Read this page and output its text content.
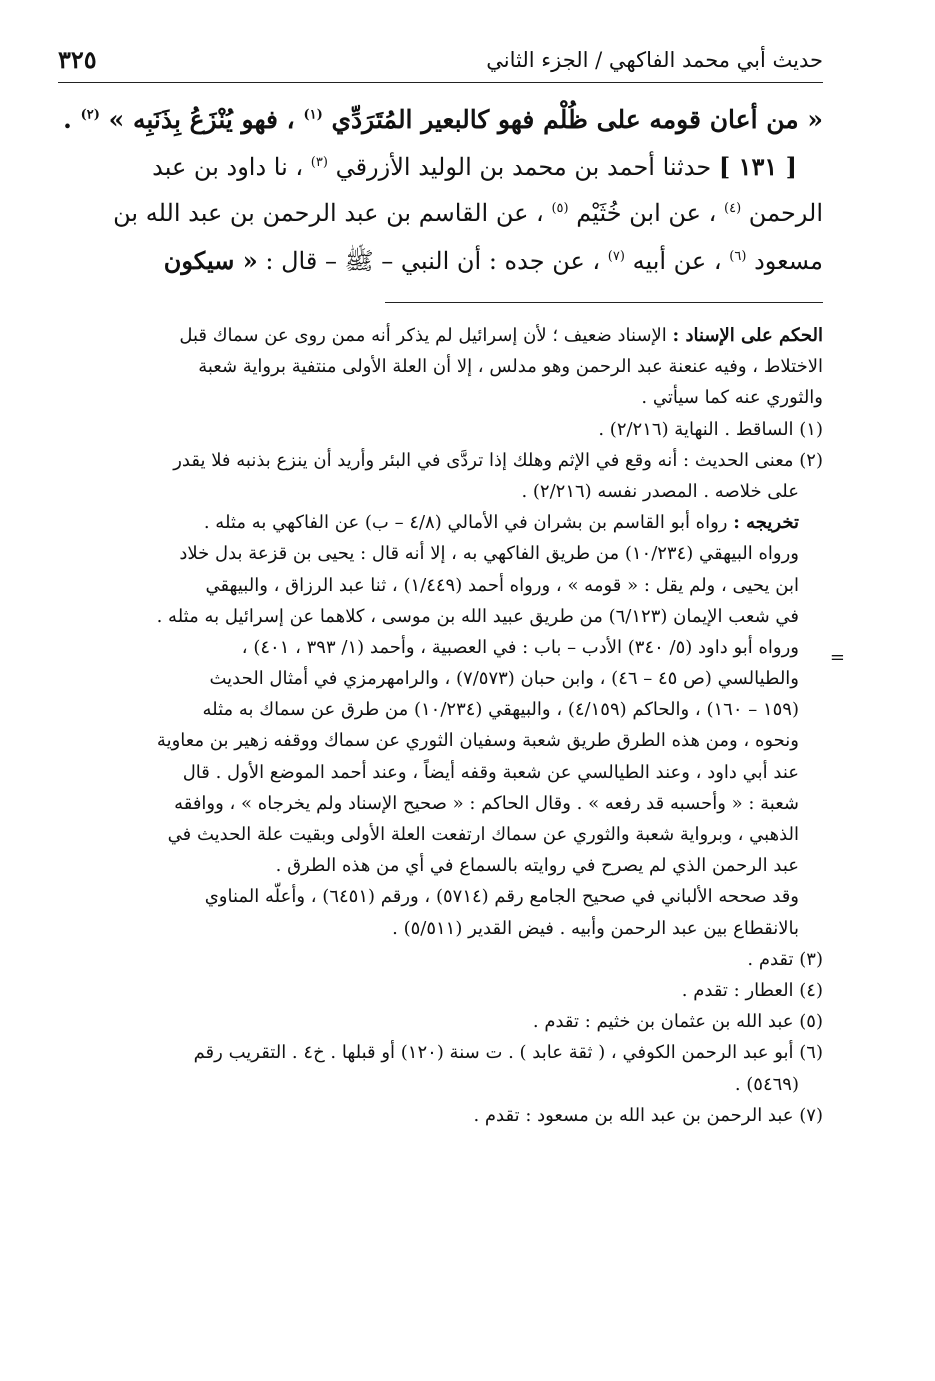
حديث أبي محمد الفاكهي / الجزء الثاني
٣٢٥
« من أعان قومه على ظُلْم فهو كالبعير المُتَرَدِّي $^{(١)}$ ، فهو يُنْزَعُ بِذَنَبِه » $^{(٢)}$ .
[ ١٣١ ] حدثنا أحمد بن محمد بن الوليد الأزرقي $^{(٣)}$ ، نا داود بن عبد
الرحمن $^{(٤)}$ ، عن ابن خُثَيْم $^{(٥)}$ ، عن القاسم بن عبد الرحمن بن عبد الله بن
مسعود $^{(٦)}$ ، عن أبيه $^{(٧)}$ ، عن جده : أن النبي – ﷺ – قال : « سيكون
=
الحكم على الإسناد : الإسناد ضعيف ؛ لأن إسرائيل لم يذكر أنه ممن روى عن سماك قبل
الاختلاط ، وفيه عنعنة عبد الرحمن وهو مدلس ، إلا أن العلة الأولى منتفية برواية شعبة
والثوري عنه كما سيأتي .
(١) الساقط . النهاية (٢/٢١٦) .
(٢) معنى الحديث : أنه وقع في الإثم وهلك إذا تردَّى في البئر وأريد أن ينزع بذنبه فلا يقدر
على خلاصه . المصدر نفسه (٢/٢١٦) .
تخريجه : رواه أبو القاسم بن بشران في الأمالي (٤/٨ – ب) عن الفاكهي به مثله .
ورواه البيهقي (١٠/٢٣٤) من طريق الفاكهي به ، إلا أنه قال : يحيى بن قزعة بدل خلاد
ابن يحيى ، ولم يقل : « قومه » ، ورواه أحمد (١/٤٤٩) ، ثنا عبد الرزاق ، والبيهقي
في شعب الإيمان (٦/١٢٣) من طريق عبيد الله بن موسى ، كلاهما عن إسرائيل به مثله .
ورواه أبو داود (٥/ ٣٤٠) الأدب – باب : في العصبية ، وأحمد (١/ ٣٩٣ ، ٤٠١) ،
والطيالسي (ص ٤٥ – ٤٦) ، وابن حبان (٧/٥٧٣) ، والرامهرمزي في أمثال الحديث
(١٥٩ – ١٦٠) ، والحاكم (٤/١٥٩) ، والبيهقي (١٠/٢٣٤) من طرق عن سماك به مثله
ونحوه ، ومن هذه الطرق طريق شعبة وسفيان الثوري عن سماك ووقفه زهير بن معاوية
عند أبي داود ، وعند الطيالسي عن شعبة وقفه أيضاً ، وعند أحمد الموضع الأول . قال
شعبة : « وأحسبه قد رفعه » . وقال الحاكم : « صحيح الإسناد ولم يخرجاه » ، ووافقه
الذهبي ، وبرواية شعبة والثوري عن سماك ارتفعت العلة الأولى وبقيت علة الحديث في
عبد الرحمن الذي لم يصرح في روايته بالسماع في أي من هذه الطرق .
وقد صححه الألباني في صحيح الجامع رقم (٥٧١٤) ، ورقم (٦٤٥١) ، وأعلّه المناوي
بالانقطاع بين عبد الرحمن وأبيه . فيض القدير (٥/٥١١) .
(٣) تقدم .
(٤) العطار : تقدم .
(٥) عبد الله بن عثمان بن خثيم : تقدم .
(٦) أبو عبد الرحمن الكوفي ، ( ثقة عابد ) . ت سنة (١٢٠) أو قبلها . خ٤ . التقريب رقم
(٥٤٦٩) .
(٧) عبد الرحمن بن عبد الله بن مسعود : تقدم .
